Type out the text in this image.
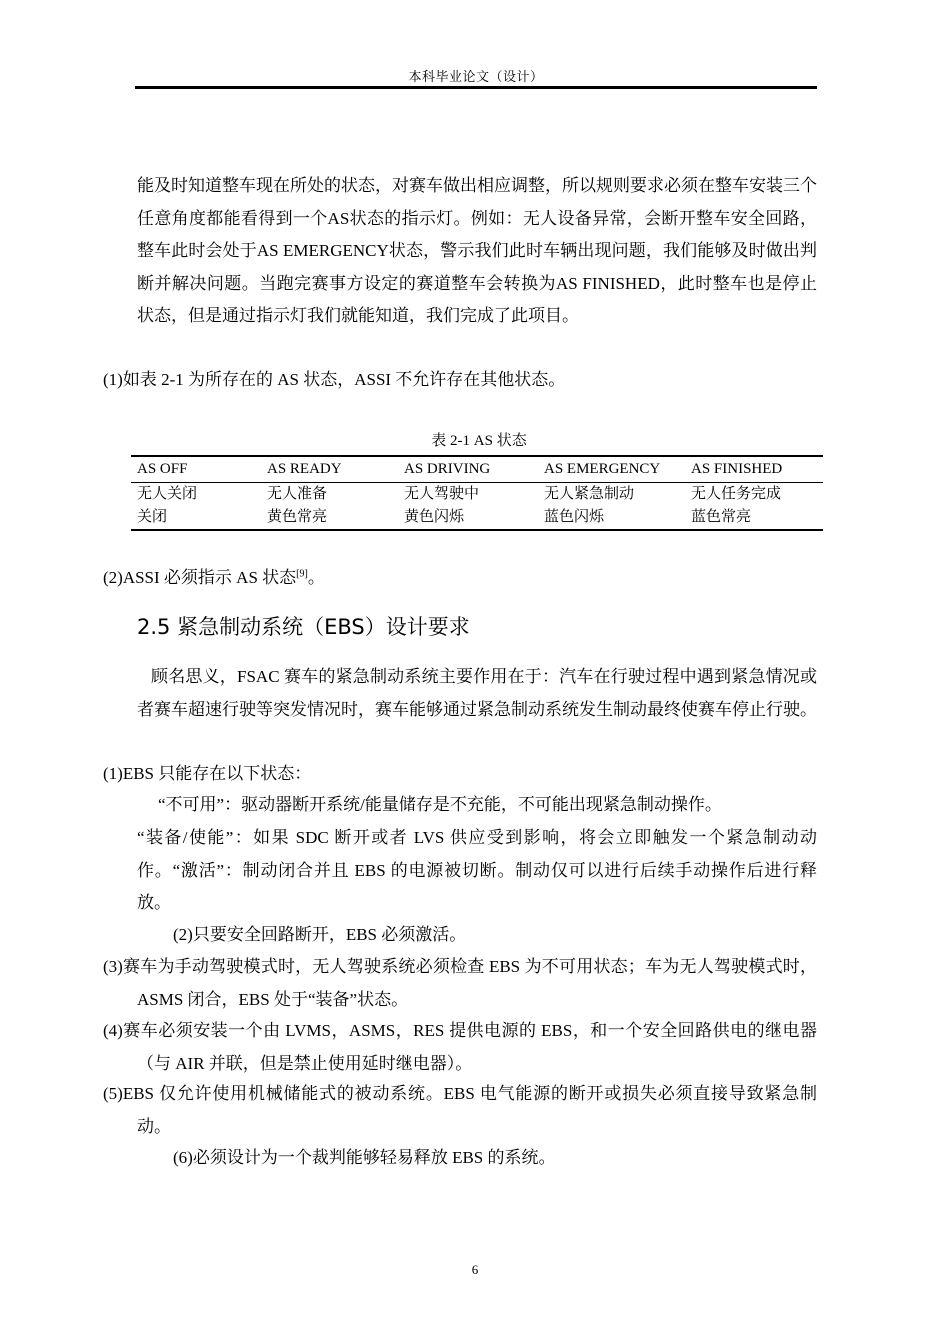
本科毕业论文（设计）

能及时知道整车现在所处的状态，对赛车做出相应调整，所以规则要求必须在整车安装三个任意角度都能看得到一个AS状态的指示灯。例如：无人设备异常，会断开整车安全回路，整车此时会处于AS EMERGENCY状态，警示我们此时车辆出现问题，我们能够及时做出判断并解决问题。当跑完赛事方设定的赛道整车会转换为AS FINISHED，此时整车也是停止状态，但是通过指示灯我们就能知道，我们完成了此项目。

(1)如表 2-1 为所存在的 AS 状态，ASSI 不允许存在其他状态。

表 2-1 AS 状态
AS OFF	AS READY	AS DRIVING	AS EMERGENCY	AS FINISHED
无人关闭	无人准备	无人驾驶中	无人紧急制动	无人任务完成
关闭	黄色常亮	黄色闪烁	蓝色闪烁	蓝色常亮

(2)ASSI 必须指示 AS 状态[9]。

2.5 紧急制动系统（EBS）设计要求

顾名思义，FSAC 赛车的紧急制动系统主要作用在于：汽车在行驶过程中遇到紧急情况或者赛车超速行驶等突发情况时，赛车能够通过紧急制动系统发生制动最终使赛车停止行驶。

(1)EBS 只能存在以下状态：

“不可用”：驱动器断开系统/能量储存是不充能，不可能出现紧急制动操作。

“装备/使能”：如果 SDC 断开或者 LVS 供应受到影响，将会立即触发一个紧急制动动作。“激活”：制动闭合并且 EBS 的电源被切断。制动仅可以进行后续手动操作后进行释放。

(2)只要安全回路断开，EBS 必须激活。

(3)赛车为手动驾驶模式时，无人驾驶系统必须检查 EBS 为不可用状态；车为无人驾驶模式时，ASMS 闭合，EBS 处于“装备”状态。

(4)赛车必须安装一个由 LVMS，ASMS，RES 提供电源的 EBS，和一个安全回路供电的继电器（与 AIR 并联，但是禁止使用延时继电器）。

(5)EBS 仅允许使用机械储能式的被动系统。EBS 电气能源的断开或损失必须直接导致紧急制动。

(6)必须设计为一个裁判能够轻易释放 EBS 的系统。

6
